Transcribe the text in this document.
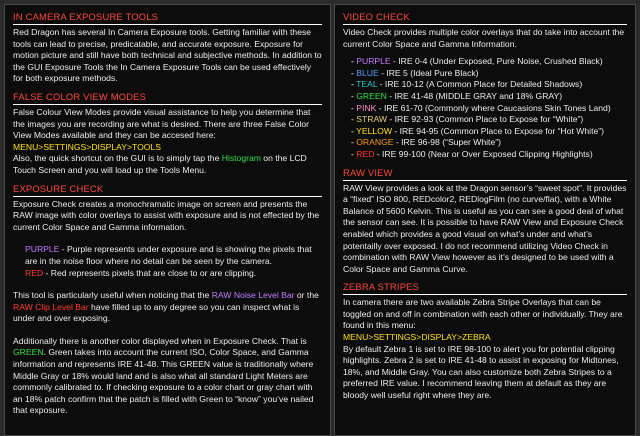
IN CAMERA EXPOSURE TOOLS

Red Dragon has several In Camera Exposure tools. Getting familiar with these tools can lead to precise, predicatable, and accurate exposure. Exposure for motion picture and still have both technical and subjective methods. In addition to the GUI Exposure Tools the In Camera Exposure Tools can be used effectively for both exposure methods.

FALSE COLOR VIEW MODES

False Colour View Modes provide visual assistance to help you determine that the images you are recording are what is desired. There are three False Color View Modes available and they can be accesed here:

MENU>SETTINGS>DISPLAY>TOOLS

Also, the quick shortcut on the GUI is to simply tap the Histogram on the LCD Touch Screen and you will load up the Tools Menu.

EXPOSURE CHECK

Exposure Check creates a monochramatic image on screen and presents the RAW image with color overlays to assist with exposure and is not effected by the current Color Space and Gamma information.

PURPLE - Purple represents under exposure and is showing the pixels that are in the noise floor where no detail can be seen by the camera.

RED - Red represents pixels that are close to or are clipping.

This tool is particularly useful when noticing that the RAW Noise Level Bar or the RAW Clip Level Bar have filled up to any degree so you can inspect what is under and over exposing.

Additionally there is another color displayed when in Exposure Check. That is GREEN. Green takes into account the current ISO, Color Space, and Gamma information and represents IRE 41-48. This GREEN value is traditionally where Middle Gray or 18% would land and is also what all standard Light Meters are commonly calibrated to. If checking exposure to a color chart or gray chart with an 18% patch confirm that the patch is filled with Green to “know” you’ve nailed that exposure.

VIDEO CHECK

Video Check provides multiple color overlays that do take into account the current Color Space and Gamma Information.

- PURPLE - IRE 0-4 (Under Exposed, Pure Noise, Crushed Black)
- BLUE - IRE 5 (Ideal Pure Black)
- TEAL - IRE 10-12 (A Common Place for Detailed Shadows)
- GREEN - IRE 41-48 (MIDDLE GRAY and 18% GRAY)
- PINK - IRE 61-70 (Commonly where Caucasions Skin Tones Land)
- STRAW - IRE 92-93 (Common Place to Expose for “White”)
- YELLOW - IRE 94-95 (Common Place to Expose for “Hot White”)
- ORANGE - IRE 96-98 (“Super White”)
- RED - IRE 99-100 (Near or Over Exposed Clipping Highlights)
RAW VIEW

RAW View provides a look at the Dragon sensor’s “sweet spot”. It provides a “fixed” ISO 800, REDcolor2, REDlogFilm (no curve/flat), with a White Balance of 5600 Kelvin. This is useful as you can see a good deal of what the sensor can see. It is possible to have RAW View and Exposure Check enabled which provides a good visual on what’s under and what’s potentailly over exposed. I do not recommend utilizing Video Check in combination with RAW View however as it’s designed to be used with a Color Space and Gamma Curve.

ZEBRA STRIPES

In camera there are two available Zebra Stripe Overlays that can be toggled on and off in combination with each other or individually. They are found in this menu:

MENU>SETTINGS>DISPLAY>ZEBRA

By default Zebra 1 is set to IRE 98-100 to alert you for potential clipping highlights. Zebra 2 is set to IRE 41-48 to assist in exposing for Midtones, 18%, and Middle Gray. You can also customize both Zebra Stripes to a preferred IRE value. I recommend leaving them at default as they are bloody well useful right where they are.
